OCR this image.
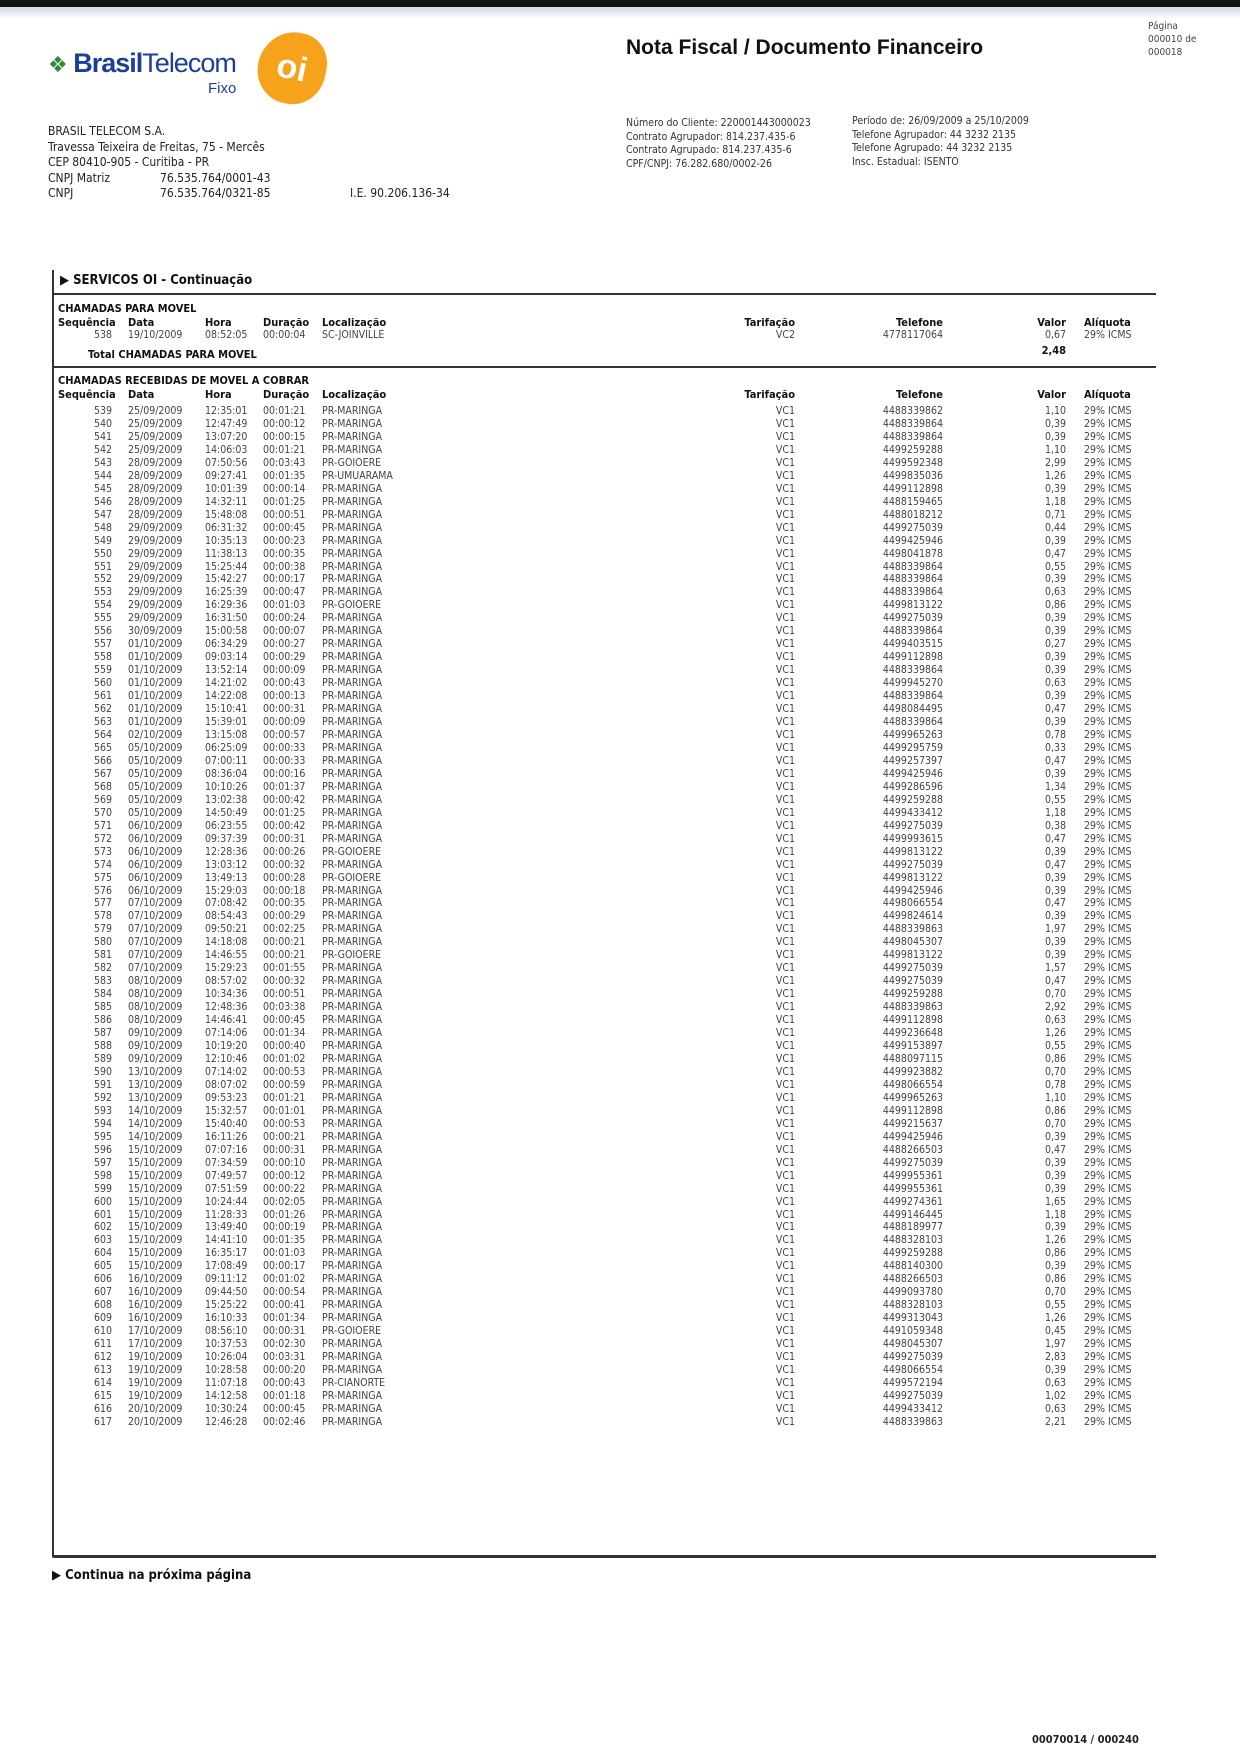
❖ BrasilTelecom
Fixo	oi	Nota Fiscal / Documento Financeiro
Página
000010 de
000018
BRASIL TELECOM S.A.
Travessa Teixeira de Freitas, 75 - Mercês
CEP 80410-905 - Curitiba - PR
CNPJ Matriz	76.535.764/0001-43
CNPJ	76.535.764/0321-85	I.E. 90.206.136-34
Número do Cliente: 220001443000023
Contrato Agrupador: 814.237.435-6
Contrato Agrupado: 814.237.435-6
CPF/CNPJ: 76.282.680/0002-26
Período de: 26/09/2009 a 25/10/2009
Telefone Agrupador: 44 3232 2135
Telefone Agrupado: 44 3232 2135
Insc. Estadual: ISENTO
▶ SERVICOS OI - Continuação
CHAMADAS PARA MOVEL
Sequência Data	Hora	Duração Localização	Tarifação	Telefone	Valor Alíquota
538 19/10/2009 08:52:05 00:00:04 SC-JOINVILLE	VC2	4778117064	0,67 29% ICMS
Total CHAMADAS PARA MOVEL	2,48
CHAMADAS RECEBIDAS DE MOVEL A COBRAR
Sequência Data	Hora	Duração Localização	Tarifação	Telefone	Valor Alíquota
539 25/09/2009 12:35:01 00:01:21 PR-MARINGA	VC1	4488339862	1,10 29% ICMS
540 25/09/2009 12:47:49 00:00:12 PR-MARINGA	VC1	4488339864	0,39 29% ICMS
541 25/09/2009 13:07:20 00:00:15 PR-MARINGA	VC1	4488339864	0,39 29% ICMS
542 25/09/2009 14:06:03 00:01:21 PR-MARINGA	VC1	4499259288	1,10 29% ICMS
543 28/09/2009 07:50:56 00:03:43 PR-GOIOERE	VC1	4499592348	2,99 29% ICMS
544 28/09/2009 09:27:41 00:01:35 PR-UMUARAMA	VC1	4499835036	1,26 29% ICMS
545 28/09/2009 10:01:39 00:00:14 PR-MARINGA	VC1	4499112898	0,39 29% ICMS
546 28/09/2009 14:32:11 00:01:25 PR-MARINGA	VC1	4488159465	1,18 29% ICMS
547 28/09/2009 15:48:08 00:00:51 PR-MARINGA	VC1	4488018212	0,71 29% ICMS
548 29/09/2009 06:31:32 00:00:45 PR-MARINGA	VC1	4499275039	0,44 29% ICMS
549 29/09/2009 10:35:13 00:00:23 PR-MARINGA	VC1	4499425946	0,39 29% ICMS
550 29/09/2009 11:38:13 00:00:35 PR-MARINGA	VC1	4498041878	0,47 29% ICMS
551 29/09/2009 15:25:44 00:00:38 PR-MARINGA	VC1	4488339864	0,55 29% ICMS
552 29/09/2009 15:42:27 00:00:17 PR-MARINGA	VC1	4488339864	0,39 29% ICMS
553 29/09/2009 16:25:39 00:00:47 PR-MARINGA	VC1	4488339864	0,63 29% ICMS
554 29/09/2009 16:29:36 00:01:03 PR-GOIOERE	VC1	4499813122	0,86 29% ICMS
555 29/09/2009 16:31:50 00:00:24 PR-MARINGA	VC1	4499275039	0,39 29% ICMS
556 30/09/2009 15:00:58 00:00:07 PR-MARINGA	VC1	4488339864	0,39 29% ICMS
557 01/10/2009 06:34:29 00:00:27 PR-MARINGA	VC1	4499403515	0,27 29% ICMS
558 01/10/2009 09:03:14 00:00:29 PR-MARINGA	VC1	4499112898	0,39 29% ICMS
559 01/10/2009 13:52:14 00:00:09 PR-MARINGA	VC1	4488339864	0,39 29% ICMS
560 01/10/2009 14:21:02 00:00:43 PR-MARINGA	VC1	4499945270	0,63 29% ICMS
561 01/10/2009 14:22:08 00:00:13 PR-MARINGA	VC1	4488339864	0,39 29% ICMS
562 01/10/2009 15:10:41 00:00:31 PR-MARINGA	VC1	4498084495	0,47 29% ICMS
563 01/10/2009 15:39:01 00:00:09 PR-MARINGA	VC1	4488339864	0,39 29% ICMS
564 02/10/2009 13:15:08 00:00:57 PR-MARINGA	VC1	4499965263	0,78 29% ICMS
565 05/10/2009 06:25:09 00:00:33 PR-MARINGA	VC1	4499295759	0,33 29% ICMS
566 05/10/2009 07:00:11 00:00:33 PR-MARINGA	VC1	4499257397	0,47 29% ICMS
567 05/10/2009 08:36:04 00:00:16 PR-MARINGA	VC1	4499425946	0,39 29% ICMS
568 05/10/2009 10:10:26 00:01:37 PR-MARINGA	VC1	4499286596	1,34 29% ICMS
569 05/10/2009 13:02:38 00:00:42 PR-MARINGA	VC1	4499259288	0,55 29% ICMS
570 05/10/2009 14:50:49 00:01:25 PR-MARINGA	VC1	4499433412	1,18 29% ICMS
571 06/10/2009 06:23:55 00:00:42 PR-MARINGA	VC1	4499275039	0,38 29% ICMS
572 06/10/2009 09:37:39 00:00:31 PR-MARINGA	VC1	4499993615	0,47 29% ICMS
573 06/10/2009 12:28:36 00:00:26 PR-GOIOERE	VC1	4499813122	0,39 29% ICMS
574 06/10/2009 13:03:12 00:00:32 PR-MARINGA	VC1	4499275039	0,47 29% ICMS
575 06/10/2009 13:49:13 00:00:28 PR-GOIOERE	VC1	4499813122	0,39 29% ICMS
576 06/10/2009 15:29:03 00:00:18 PR-MARINGA	VC1	4499425946	0,39 29% ICMS
577 07/10/2009 07:08:42 00:00:35 PR-MARINGA	VC1	4498066554	0,47 29% ICMS
578 07/10/2009 08:54:43 00:00:29 PR-MARINGA	VC1	4499824614	0,39 29% ICMS
579 07/10/2009 09:50:21 00:02:25 PR-MARINGA	VC1	4488339863	1,97 29% ICMS
580 07/10/2009 14:18:08 00:00:21 PR-MARINGA	VC1	4498045307	0,39 29% ICMS
581 07/10/2009 14:46:55 00:00:21 PR-GOIOERE	VC1	4499813122	0,39 29% ICMS
582 07/10/2009 15:29:23 00:01:55 PR-MARINGA	VC1	4499275039	1,57 29% ICMS
583 08/10/2009 08:57:02 00:00:32 PR-MARINGA	VC1	4499275039	0,47 29% ICMS
584 08/10/2009 10:34:36 00:00:51 PR-MARINGA	VC1	4499259288	0,70 29% ICMS
585 08/10/2009 12:48:36 00:03:38 PR-MARINGA	VC1	4488339863	2,92 29% ICMS
586 08/10/2009 14:46:41 00:00:45 PR-MARINGA	VC1	4499112898	0,63 29% ICMS
587 09/10/2009 07:14:06 00:01:34 PR-MARINGA	VC1	4499236648	1,26 29% ICMS
588 09/10/2009 10:19:20 00:00:40 PR-MARINGA	VC1	4499153897	0,55 29% ICMS
589 09/10/2009 12:10:46 00:01:02 PR-MARINGA	VC1	4488097115	0,86 29% ICMS
590 13/10/2009 07:14:02 00:00:53 PR-MARINGA	VC1	4499923882	0,70 29% ICMS
591 13/10/2009 08:07:02 00:00:59 PR-MARINGA	VC1	4498066554	0,78 29% ICMS
592 13/10/2009 09:53:23 00:01:21 PR-MARINGA	VC1	4499965263	1,10 29% ICMS
593 14/10/2009 15:32:57 00:01:01 PR-MARINGA	VC1	4499112898	0,86 29% ICMS
594 14/10/2009 15:40:40 00:00:53 PR-MARINGA	VC1	4499215637	0,70 29% ICMS
595 14/10/2009 16:11:26 00:00:21 PR-MARINGA	VC1	4499425946	0,39 29% ICMS
596 15/10/2009 07:07:16 00:00:31 PR-MARINGA	VC1	4488266503	0,47 29% ICMS
597 15/10/2009 07:34:59 00:00:10 PR-MARINGA	VC1	4499275039	0,39 29% ICMS
598 15/10/2009 07:49:57 00:00:12 PR-MARINGA	VC1	4499955361	0,39 29% ICMS
599 15/10/2009 07:51:59 00:00:22 PR-MARINGA	VC1	4499955361	0,39 29% ICMS
600 15/10/2009 10:24:44 00:02:05 PR-MARINGA	VC1	4499274361	1,65 29% ICMS
601 15/10/2009 11:28:33 00:01:26 PR-MARINGA	VC1	4499146445	1,18 29% ICMS
602 15/10/2009 13:49:40 00:00:19 PR-MARINGA	VC1	4488189977	0,39 29% ICMS
603 15/10/2009 14:41:10 00:01:35 PR-MARINGA	VC1	4488328103	1,26 29% ICMS
604 15/10/2009 16:35:17 00:01:03 PR-MARINGA	VC1	4499259288	0,86 29% ICMS
605 15/10/2009 17:08:49 00:00:17 PR-MARINGA	VC1	4488140300	0,39 29% ICMS
606 16/10/2009 09:11:12 00:01:02 PR-MARINGA	VC1	4488266503	0,86 29% ICMS
607 16/10/2009 09:44:50 00:00:54 PR-MARINGA	VC1	4499093780	0,70 29% ICMS
608 16/10/2009 15:25:22 00:00:41 PR-MARINGA	VC1	4488328103	0,55 29% ICMS
609 16/10/2009 16:10:33 00:01:34 PR-MARINGA	VC1	4499313043	1,26 29% ICMS
610 17/10/2009 08:56:10 00:00:31 PR-GOIOERE	VC1	4491059348	0,45 29% ICMS
611 17/10/2009 10:37:53 00:02:30 PR-MARINGA	VC1	4498045307	1,97 29% ICMS
612 19/10/2009 10:26:04 00:03:31 PR-MARINGA	VC1	4499275039	2,83 29% ICMS
613 19/10/2009 10:28:58 00:00:20 PR-MARINGA	VC1	4498066554	0,39 29% ICMS
614 19/10/2009 11:07:18 00:00:43 PR-CIANORTE	VC1	4499572194	0,63 29% ICMS
615 19/10/2009 14:12:58 00:01:18 PR-MARINGA	VC1	4499275039	1,02 29% ICMS
616 20/10/2009 10:30:24 00:00:45 PR-MARINGA	VC1	4499433412	0,63 29% ICMS
617 20/10/2009 12:46:28 00:02:46 PR-MARINGA	VC1	4488339863	2,21 29% ICMS
▶ Continua na próxima página
00070014 / 000240
